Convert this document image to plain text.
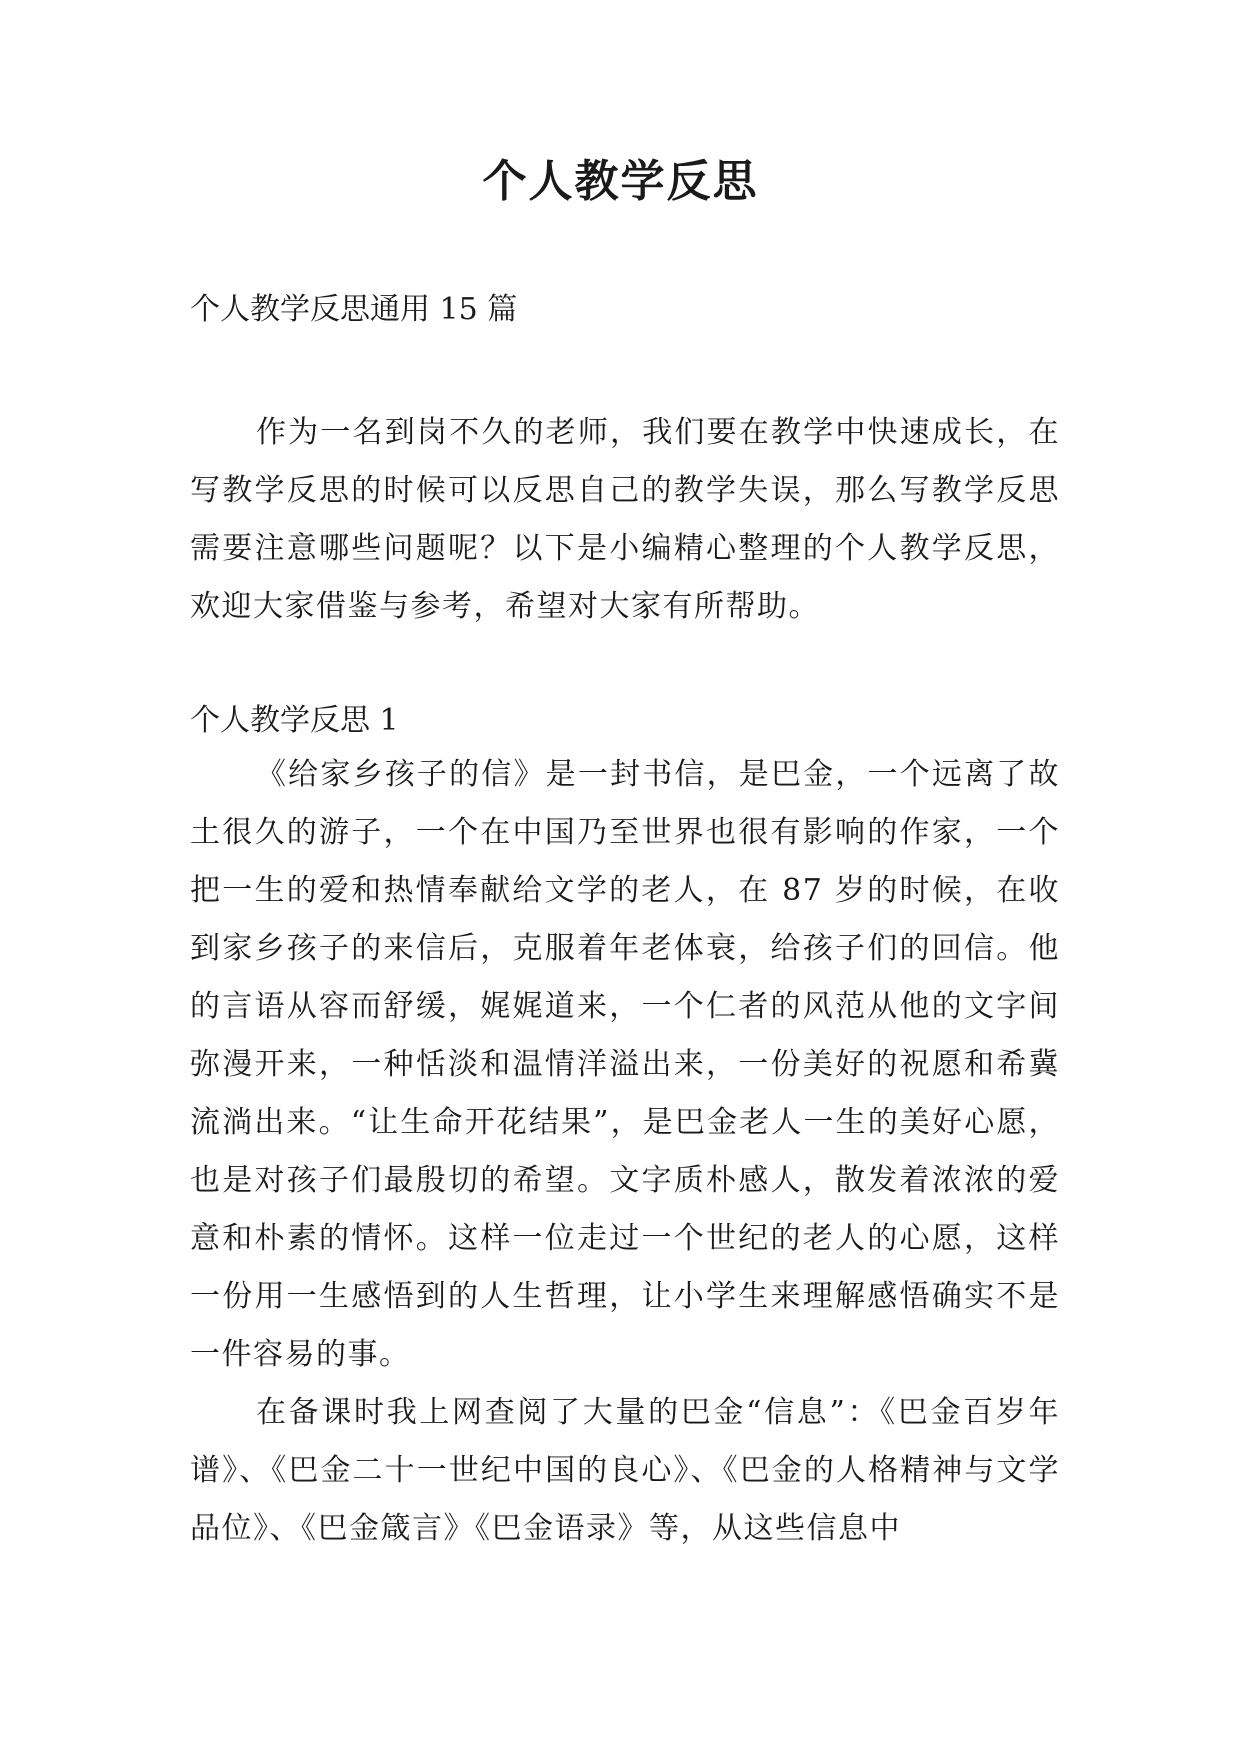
个人教学反思

个人教学反思通用 15 篇

作为一名到岗不久的老师，我们要在教学中快速成长，在写教学反思的时候可以反思自己的教学失误，那么写教学反思需要注意哪些问题呢？以下是小编精心整理的个人教学反思，欢迎大家借鉴与参考，希望对大家有所帮助。

个人教学反思 1

《给家乡孩子的信》是一封书信，是巴金，一个远离了故土很久的游子，一个在中国乃至世界也很有影响的作家，一个把一生的爱和热情奉献给文学的老人，在 87 岁的时候，在收到家乡孩子的来信后，克服着年老体衰，给孩子们的回信。他的言语从容而舒缓，娓娓道来，一个仁者的风范从他的文字间弥漫开来，一种恬淡和温情洋溢出来，一份美好的祝愿和希冀流淌出来。“让生命开花结果”，是巴金老人一生的美好心愿，也是对孩子们最殷切的希望。文字质朴感人，散发着浓浓的爱意和朴素的情怀。这样一位走过一个世纪的老人的心愿，这样一份用一生感悟到的人生哲理，让小学生来理解感悟确实不是一件容易的事。

在备课时我上网查阅了大量的巴金“信息”：《巴金百岁年谱》、《巴金二十一世纪中国的良心》、《巴金的人格精神与文学品位》、《巴金箴言》《巴金语录》等，从这些信息中
